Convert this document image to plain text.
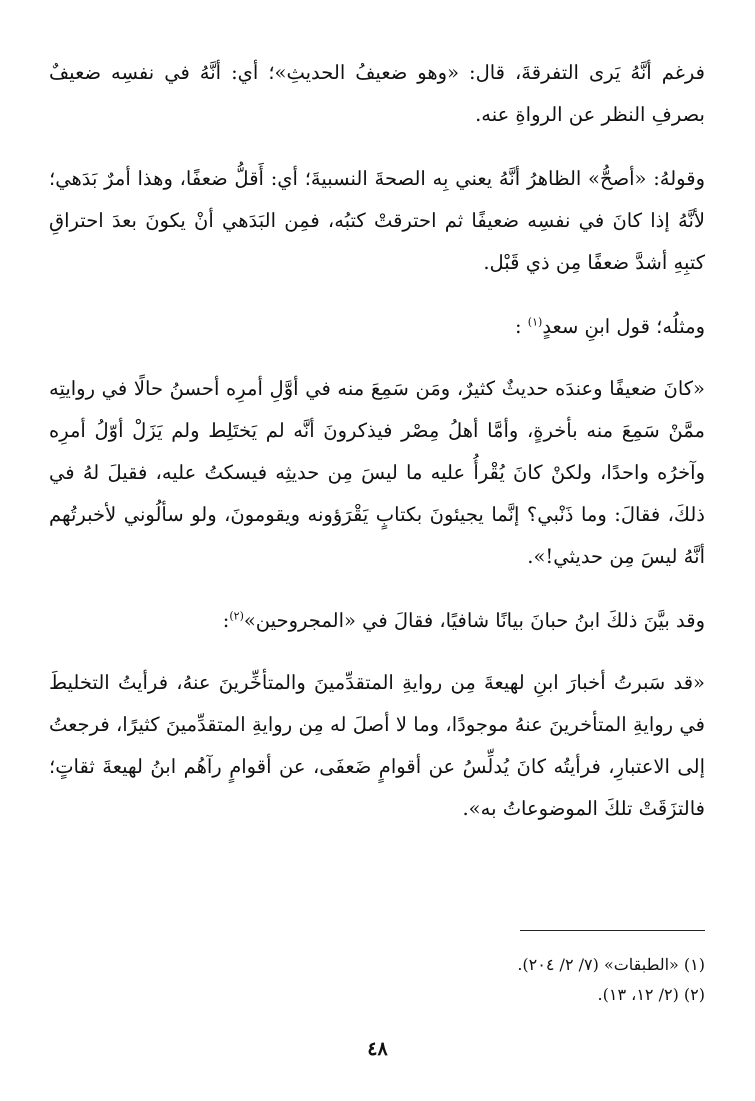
فرغم أنَّهُ يَرى التفرقةَ، قال: «وهو ضعيفُ الحديثِ»؛ أي: أنَّهُ في نفسِه ضعيفٌ بصرفِ النظر عن الرواةِ عنه.

وقولهُ: «أصحُّ» الظاهرُ أنَّهُ يعني بِه الصحةَ النسبيةَ؛ أي: أَقلُّ ضعفًا، وهذا أمرٌ بَدَهي؛ لأنَّهُ إذا كانَ في نفسِه ضعيفًا ثم احترقتْ كتبُه، فمِن البَدَهي أنْ يكونَ بعدَ احتراقِ كتبِهِ أشدَّ ضعفًا مِن ذي قَبْل.

ومثلُه؛ قول ابنِ سعدٍ$^{(١)}$ :

«كانَ ضعيفًا وعندَه حديثٌ كثيرٌ، ومَن سَمِعَ منه في أوَّلِ أمرِه أحسنُ حالًا في روايتِه ممَّنْ سَمِعَ منه بأخرةٍ، وأمَّا أهلُ مِصْر فيذكرونَ أنَّه لم يَختَلِط ولم يَزَلْ أوّلُ أمرِه وآخرُه واحدًا، ولكنْ كانَ يُقْرأُ عليه ما ليسَ مِن حديثِه فيسكتُ عليه، فقيلَ لهُ في ذلكَ، فقالَ: وما ذَنْبي؟ إنَّما يجيئونَ بكتابٍ يَقْرَؤونه ويقومونَ، ولو سألُوني لأخبرتُهم أنَّهُ ليسَ مِن حديثي!».

وقد بيَّنَ ذلكَ ابنُ حبانَ بيانًا شافيًا، فقالَ في «المجروحين»$^{(٢)}$:

«قد سَبرتُ أخبارَ ابنِ لهيعةَ مِن روايةِ المتقدِّمينَ والمتأخِّرينَ عنهُ، فرأيتُ التخليطَ في روايةِ المتأخرينَ عنهُ موجودًا، وما لا أصلَ له مِن روايةِ المتقدِّمينَ كثيرًا، فرجعتُ إلى الاعتبارِ، فرأيتُه كانَ يُدلِّسُ عن أقوامٍ ضَعفَى، عن أقوامٍ رآهُم ابنُ لهيعةَ ثقاتٍ؛ فالتزَقَتْ تلكَ الموضوعاتُ به».

(١) «الطبقات» (٧/ ٢/ ٢٠٤).

(٢) (٢/ ١٢، ١٣).

٤٨
